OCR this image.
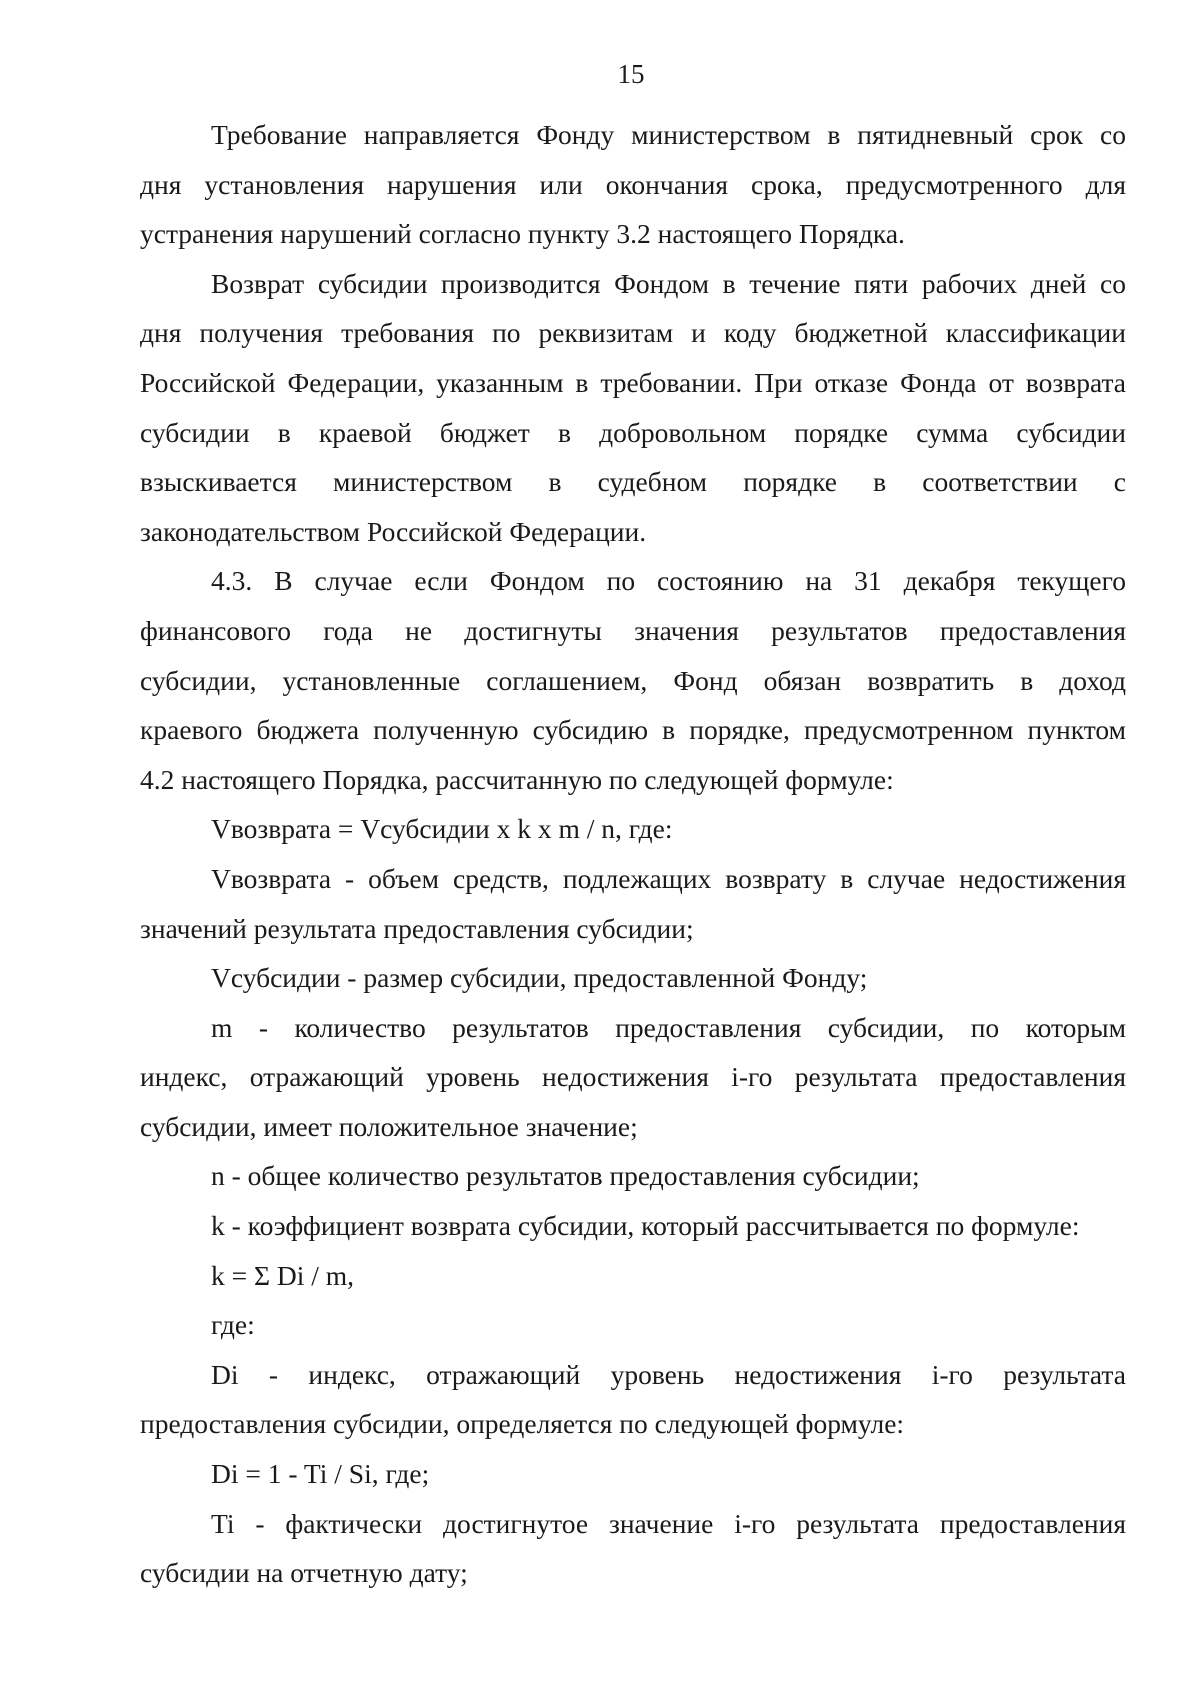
15
Требование направляется Фонду министерством в пятидневный срок со
дня установления нарушения или окончания срока, предусмотренного для
устранения нарушений согласно пункту 3.2 настоящего Порядка.
Возврат субсидии производится Фондом в течение пяти рабочих дней со
дня получения требования по реквизитам и коду бюджетной классификации
Российской Федерации, указанным в требовании. При отказе Фонда от возврата
субсидии в краевой бюджет в добровольном порядке сумма субсидии
взыскивается министерством в судебном порядке в соответствии с
законодательством Российской Федерации.
4.3. В случае если Фондом по состоянию на 31 декабря текущего
финансового года не достигнуты значения результатов предоставления
субсидии, установленные соглашением, Фонд обязан возвратить в доход
краевого бюджета полученную субсидию в порядке, предусмотренном пунктом
4.2 настоящего Порядка, рассчитанную по следующей формуле:
Vвозврата = Vсубсидии x k x m / n, где:
Vвозврата - объем средств, подлежащих возврату в случае недостижения
значений результата предоставления субсидии;
Vсубсидии - размер субсидии, предоставленной Фонду;
m - количество результатов предоставления субсидии, по которым
индекс, отражающий уровень недостижения i-го результата предоставления
субсидии, имеет положительное значение;
n - общее количество результатов предоставления субсидии;
k - коэффициент возврата субсидии, который рассчитывается по формуле:
k = Σ Di / m,
где:
Di - индекс, отражающий уровень недостижения i-го результата
предоставления субсидии, определяется по следующей формуле:
Di = 1 - Ti / Si, где;
Ti - фактически достигнутое значение i-го результата предоставления
субсидии на отчетную дату;
